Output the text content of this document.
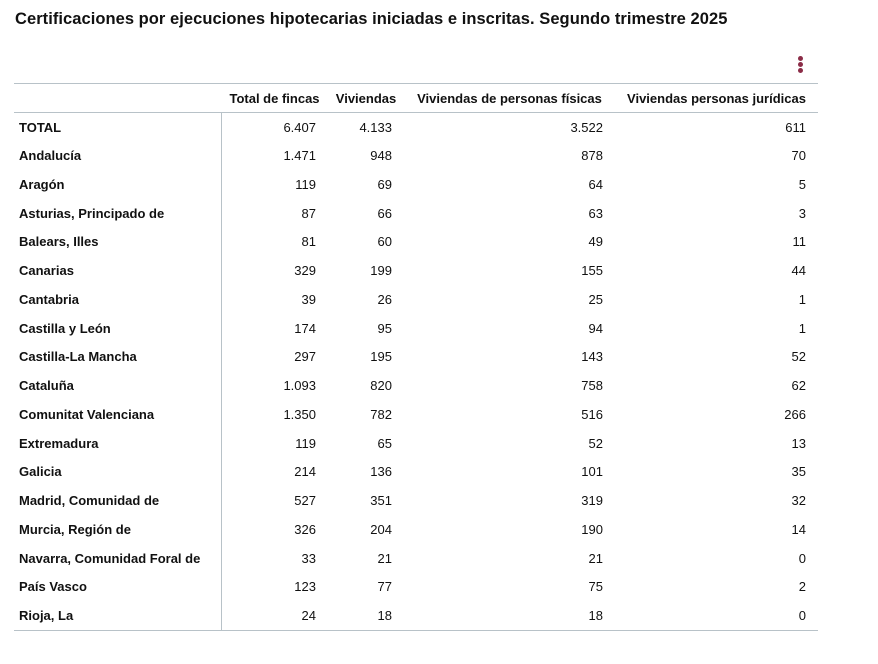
Certificaciones por ejecuciones hipotecarias iniciadas e inscritas. Segundo trimestre 2025
	Total de fincas	Viviendas	Viviendas de personas físicas	Viviendas personas jurídicas
TOTAL	6.407	4.133	3.522	611
Andalucía	1.471	948	878	70
Aragón	119	69	64	5
Asturias, Principado de	87	66	63	3
Balears, Illes	81	60	49	11
Canarias	329	199	155	44
Cantabria	39	26	25	1
Castilla y León	174	95	94	1
Castilla-La Mancha	297	195	143	52
Cataluña	1.093	820	758	62
Comunitat Valenciana	1.350	782	516	266
Extremadura	119	65	52	13
Galicia	214	136	101	35
Madrid, Comunidad de	527	351	319	32
Murcia, Región de	326	204	190	14
Navarra, Comunidad Foral de	33	21	21	0
País Vasco	123	77	75	2
Rioja, La	24	18	18	0
